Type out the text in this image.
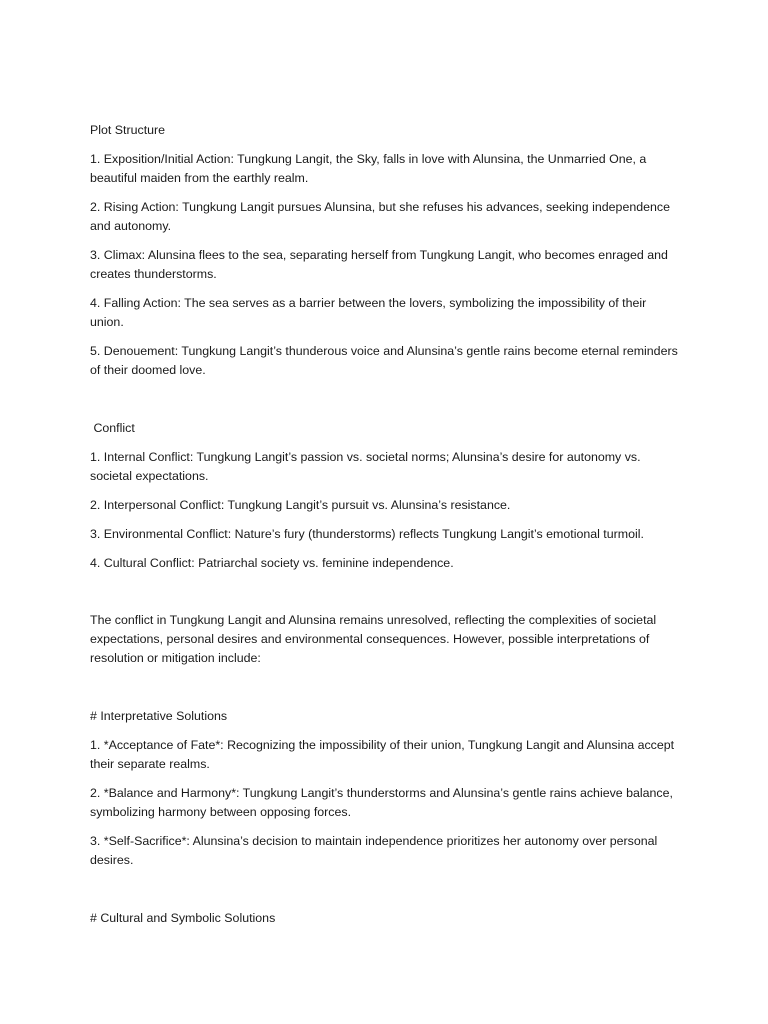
Plot Structure

1. Exposition/Initial Action: Tungkung Langit, the Sky, falls in love with Alunsina, the Unmarried One, a beautiful maiden from the earthly realm.

2. Rising Action: Tungkung Langit pursues Alunsina, but she refuses his advances, seeking independence and autonomy.

3. Climax: Alunsina flees to the sea, separating herself from Tungkung Langit, who becomes enraged and creates thunderstorms.

4. Falling Action: The sea serves as a barrier between the lovers, symbolizing the impossibility of their union.

5. Denouement: Tungkung Langit’s thunderous voice and Alunsina’s gentle rains become eternal reminders of their doomed love.

Conflict

1. Internal Conflict: Tungkung Langit’s passion vs. societal norms; Alunsina’s desire for autonomy vs. societal expectations.

2. Interpersonal Conflict: Tungkung Langit’s pursuit vs. Alunsina’s resistance.

3. Environmental Conflict: Nature’s fury (thunderstorms) reflects Tungkung Langit’s emotional turmoil.

4. Cultural Conflict: Patriarchal society vs. feminine independence.

The conflict in Tungkung Langit and Alunsina remains unresolved, reflecting the complexities of societal expectations, personal desires and environmental consequences. However, possible interpretations of resolution or mitigation include:

# Interpretative Solutions

1. *Acceptance of Fate*: Recognizing the impossibility of their union, Tungkung Langit and Alunsina accept their separate realms.

2. *Balance and Harmony*: Tungkung Langit’s thunderstorms and Alunsina’s gentle rains achieve balance, symbolizing harmony between opposing forces.

3. *Self-Sacrifice*: Alunsina’s decision to maintain independence prioritizes her autonomy over personal desires.

# Cultural and Symbolic Solutions
